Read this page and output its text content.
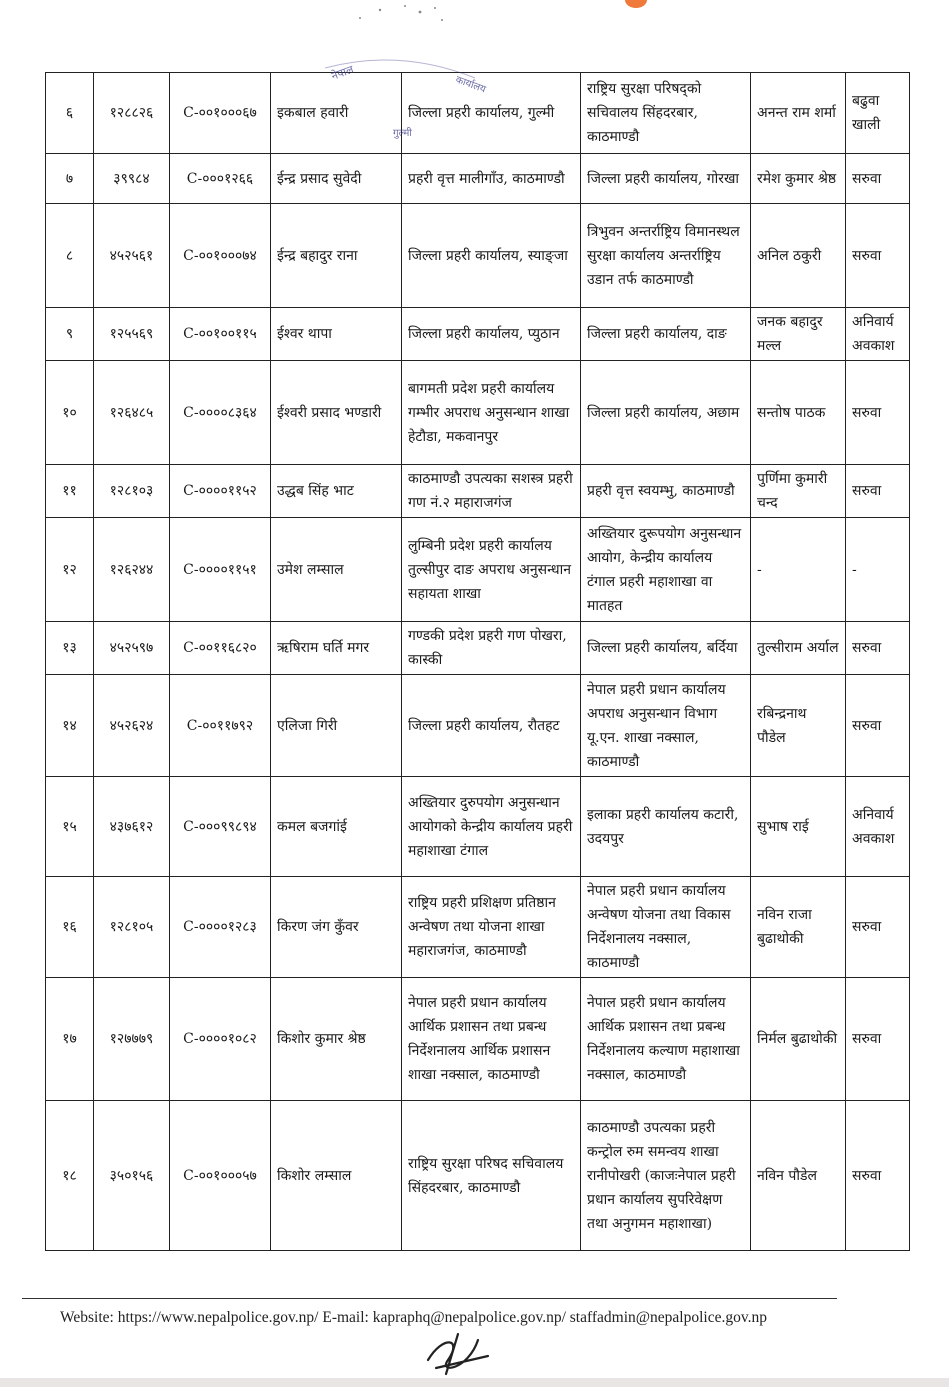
६	१२८८२६	C-००१०००६७	इकबाल हवारी	जिल्ला प्रहरी कार्यालय, गुल्मी	राष्ट्रिय सुरक्षा परिषद्को सचिवालय सिंहदरबार, काठमाण्डौ	अनन्त राम शर्मा	बढुवा खाली
७	३९९८४	C-०००१२६६	ईन्द्र प्रसाद सुवेदी	प्रहरी वृत्त मालीगाँउ, काठमाण्डौ	जिल्ला प्रहरी कार्यालय, गोरखा	रमेश कुमार श्रेष्ठ	सरुवा
८	४५२५६१	C-००१०००७४	ईन्द्र बहादुर राना	जिल्ला प्रहरी कार्यालय, स्याङ्जा	त्रिभुवन अन्तर्राष्ट्रिय विमानस्थल सुरक्षा कार्यालय अन्तर्राष्ट्रिय उडान तर्फ काठमाण्डौ	अनिल ठकुरी	सरुवा
९	१२५५६९	C-००१००११५	ईश्वर थापा	जिल्ला प्रहरी कार्यालय, प्युठान	जिल्ला प्रहरी कार्यालय, दाङ	जनक बहादुर मल्ल	अनिवार्य अवकाश
१०	१२६४८५	C-००००८३६४	ईश्वरी प्रसाद भण्डारी	बागमती प्रदेश प्रहरी कार्यालय गम्भीर अपराध अनुसन्धान शाखा हेटौडा, मकवानपुर	जिल्ला प्रहरी कार्यालय, अछाम	सन्तोष पाठक	सरुवा
११	१२८१०३	C-००००११५२	उद्धब सिंह भाट	काठमाण्डौ उपत्यका सशस्त्र प्रहरी गण नं.२ महाराजगंज	प्रहरी वृत्त स्वयम्भु, काठमाण्डौ	पुर्णिमा कुमारी चन्द	सरुवा
१२	१२६२४४	C-००००११५१	उमेश लम्साल	लुम्बिनी प्रदेश प्रहरी कार्यालय तुल्सीपुर दाङ अपराध अनुसन्धान सहायता शाखा	अख्तियार दुरूपयोग अनुसन्धान आयोग, केन्द्रीय कार्यालय टंगाल प्रहरी महाशाखा वा मातहत	-	-
१३	४५२५९७	C-००११६८२०	ऋषिराम घर्ति मगर	गण्डकी प्रदेश प्रहरी गण पोखरा, कास्की	जिल्ला प्रहरी कार्यालय, बर्दिया	तुल्सीराम अर्याल	सरुवा
१४	४५२६२४	C-००११७९२	एलिजा गिरी	जिल्ला प्रहरी कार्यालय, रौतहट	नेपाल प्रहरी प्रधान कार्यालय अपराध अनुसन्धान विभाग यू.एन. शाखा नक्साल, काठमाण्डौ	रबिन्द्रनाथ पौडेल	सरुवा
१५	४३७६१२	C-०००९९८९४	कमल बजगांई	अख्तियार दुरुपयोग अनुसन्धान आयोगको केन्द्रीय कार्यालय प्रहरी महाशाखा टंगाल	इलाका प्रहरी कार्यालय कटारी, उदयपुर	सुभाष राई	अनिवार्य अवकाश
१६	१२८१०५	C-००००१२८३	किरण जंग कुँवर	राष्ट्रिय प्रहरी प्रशिक्षण प्रतिष्ठान अन्वेषण तथा योजना शाखा महाराजगंज, काठमाण्डौ	नेपाल प्रहरी प्रधान कार्यालय अन्वेषण योजना तथा विकास निर्देशनालय नक्साल, काठमाण्डौ	नविन राजा बुढाथोकी	सरुवा
१७	१२७७७९	C-००००१०८२	किशोर कुमार श्रेष्ठ	नेपाल प्रहरी प्रधान कार्यालय आर्थिक प्रशासन तथा प्रबन्ध निर्देशनालय आर्थिक प्रशासन शाखा नक्साल, काठमाण्डौ	नेपाल प्रहरी प्रधान कार्यालय आर्थिक प्रशासन तथा प्रबन्ध निर्देशनालय कल्याण महाशाखा नक्साल, काठमाण्डौ	निर्मल बुढाथोकी	सरुवा
१८	३५०१५६	C-००१०००५७	किशोर लम्साल	राष्ट्रिय सुरक्षा परिषद सचिवालय सिंहदरबार, काठमाण्डौ	काठमाण्डौ उपत्यका प्रहरी कन्ट्रोल रुम समन्वय शाखा रानीपोखरी (काजःनेपाल प्रहरी प्रधान कार्यालय सुपरिवेक्षण तथा अनुगमन महाशाखा)	नविन पौडेल	सरुवा
नेपाल
कार्यालय
गुल्मी
Website: https://www.nepalpolice.gov.np/ E-mail: kapraphq@nepalpolice.gov.np/ staffadmin@nepalpolice.gov.np
